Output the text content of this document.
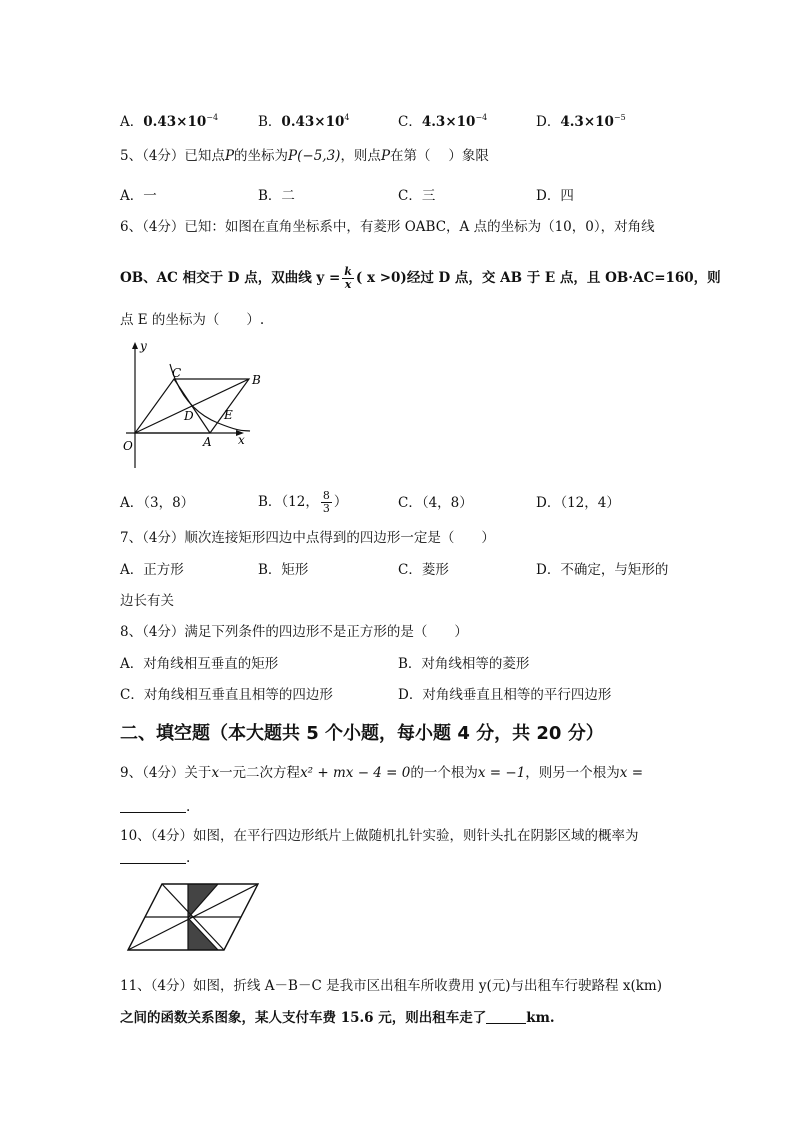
A．$0.43\times 10^{-4}$	B．$0.43\times 10^4$	C．$4.3\times 10^{-4}$	D．$4.3\times 10^{-5}$
5、（4分）已知点P的坐标为P(−5,3)，则点P在第（　 ）象限
A．一	B．二	C．三	D．四
6、（4分）已知：如图在直角坐标系中，有菱形 OABC，A 点的坐标为（10，0），对角线
OB、AC 相交于 D 点，双曲线 $y = \frac{k}{x}$ ( x >0)经过 D 点，交 AB 于 E 点，且 OB·AC=160，则
点 E 的坐标为（　　）.
y
x
O	A
B
C
D	E
A．（3，8）	B．（12， $\frac{8}{3}$ ）	C．（4，8）	D．（12，4）
7、（4分）顺次连接矩形四边中点得到的四边形一定是（　　）
A．正方形	B．矩形	C．菱形	D．不确定，与矩形的
边长有关
8、（4分）满足下列条件的四边形不是正方形的是（　　）
A．对角线相互垂直的矩形	B．对角线相等的菱形
C．对角线相互垂直且相等的四边形	D．对角线垂直且相等的平行四边形
二、填空题（本大题共 5 个小题，每小题 4 分，共 20 分）
9、（4分）关于x一元二次方程x² + mx − 4 = 0的一个根为x = −1，则另一个根为x =
.
10、（4分）如图，在平行四边形纸片上做随机扎针实验，则针头扎在阴影区域的概率为
.
11、（4分）如图，折线 A－B－C 是我市区出租车所收费用 y(元)与出租车行驶路程 x(km)
之间的函数关系图象，某人支付车费 15.6 元，则出租车走了	km.
